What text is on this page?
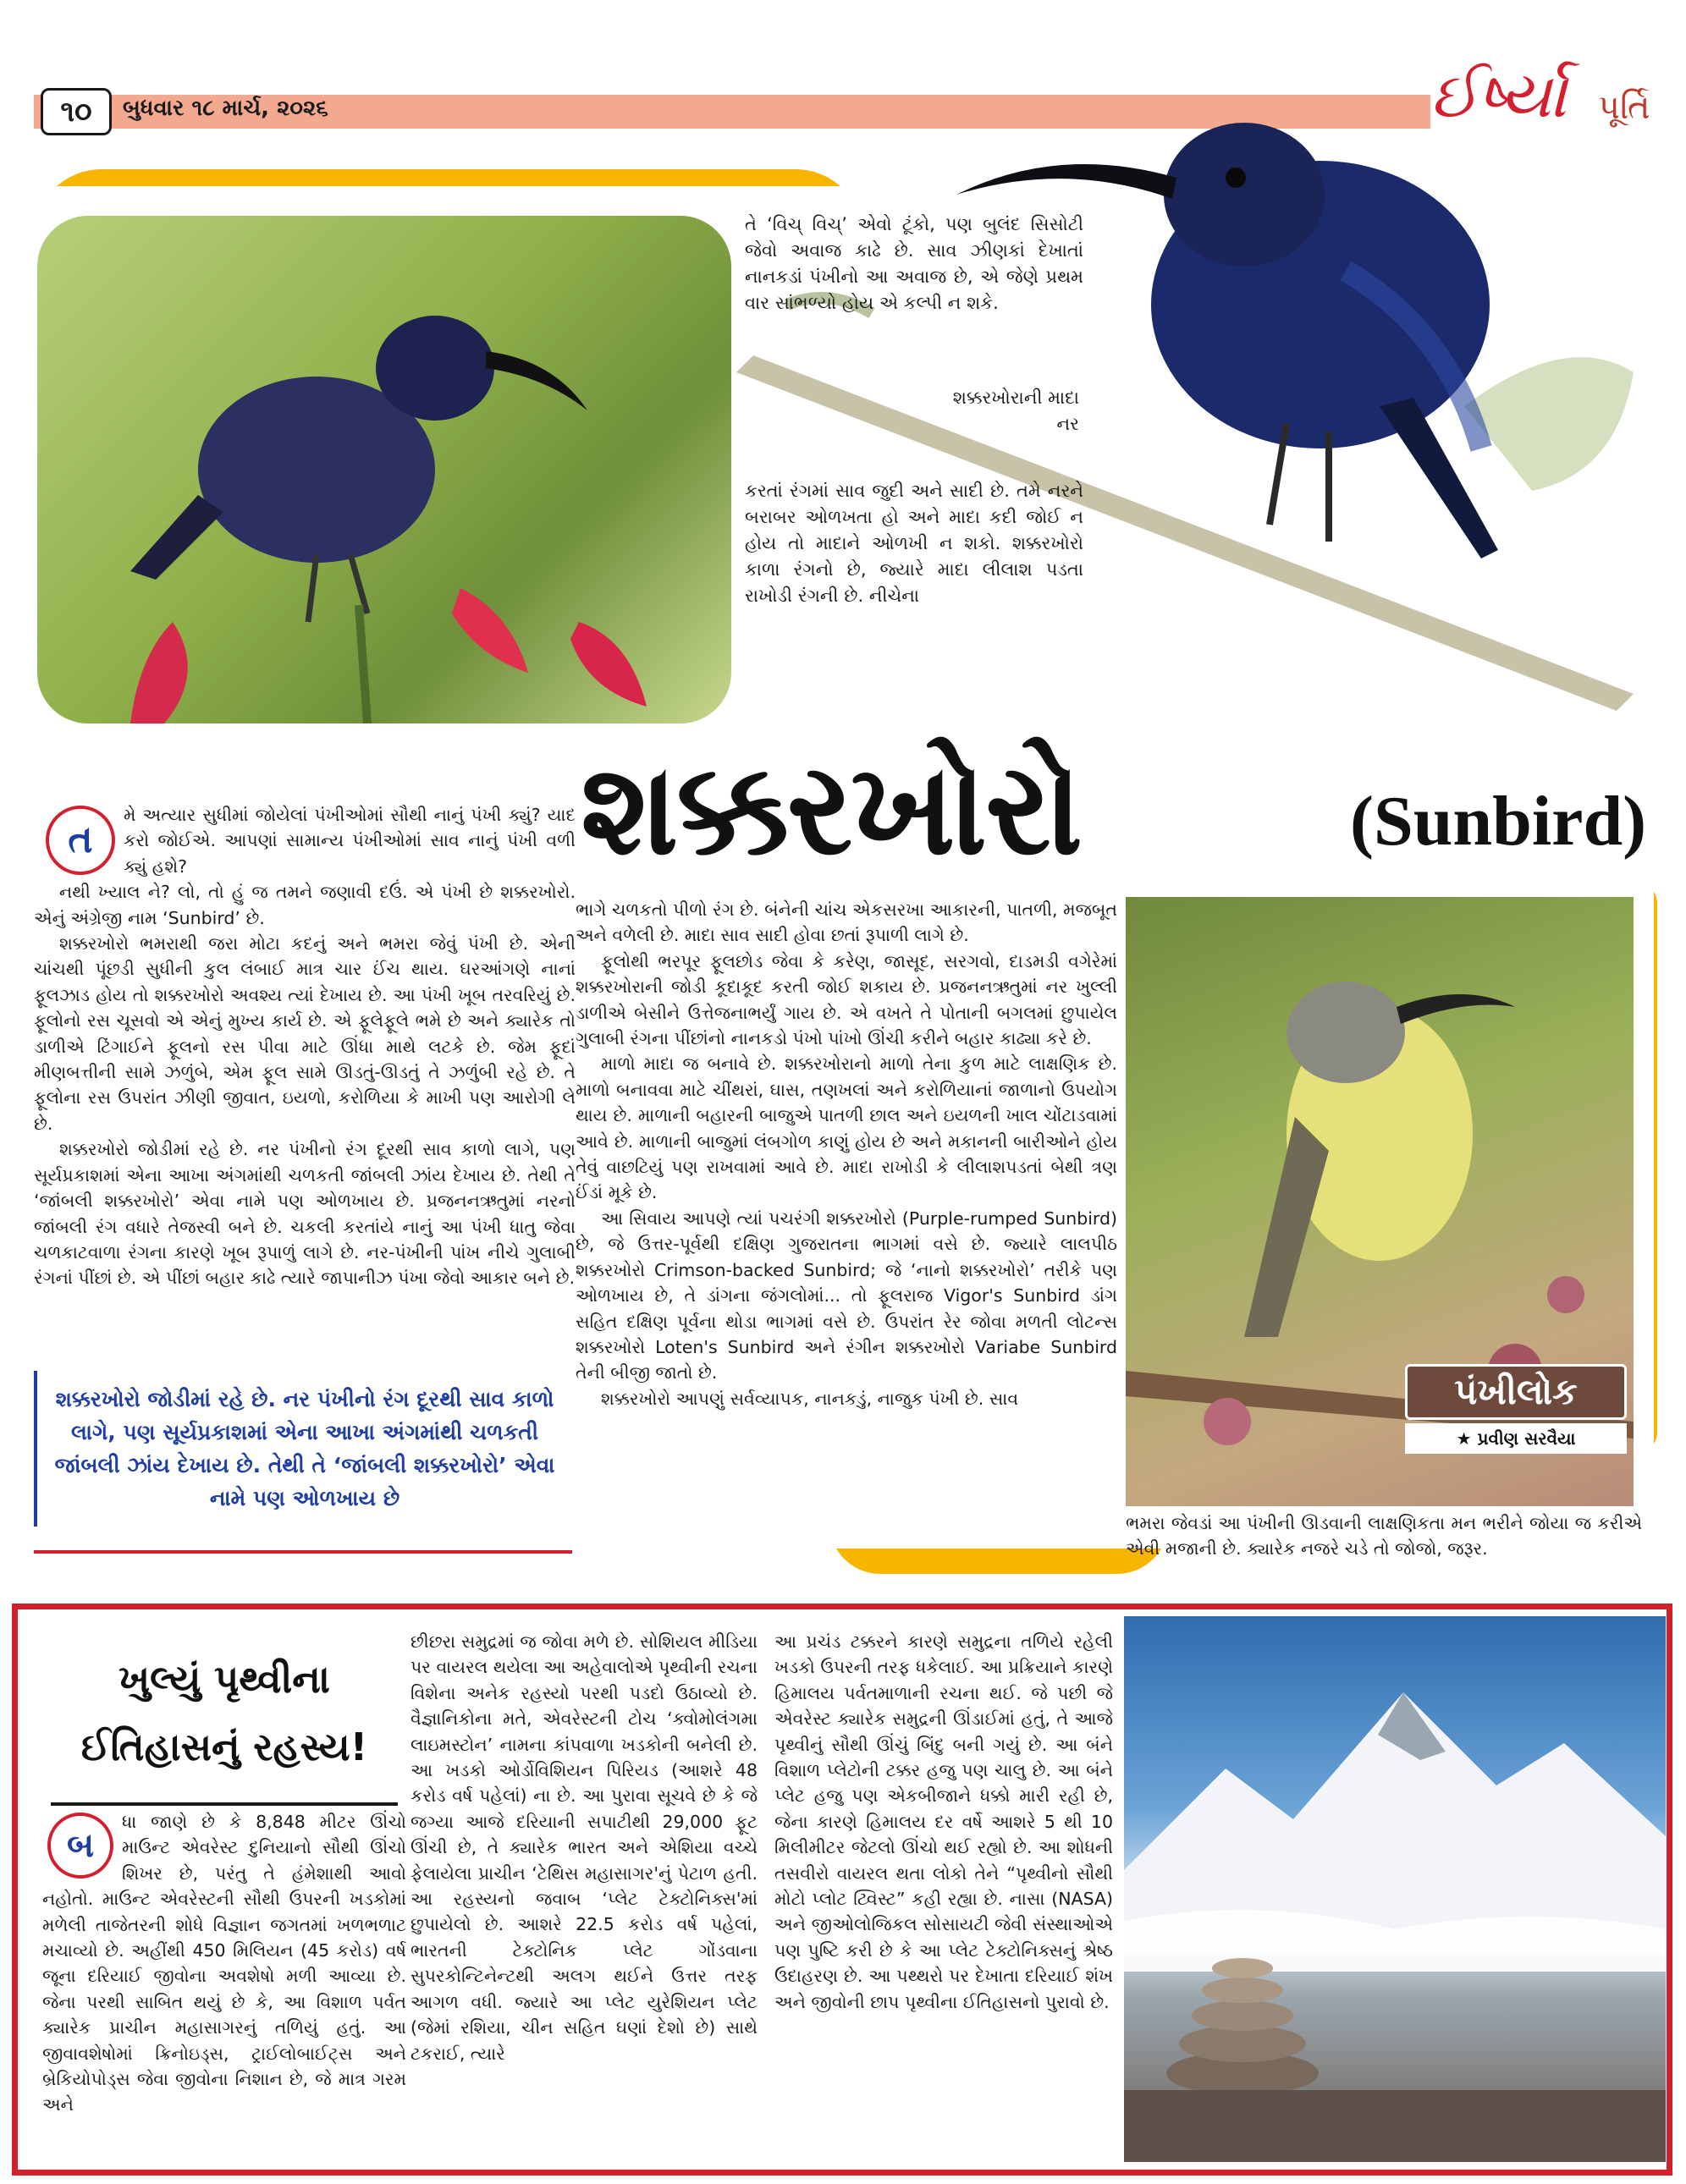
૧૦	બુધવાર ૧૮ માર્ચ, ૨૦૨૬	ઈર્ષ્યા પૂર્તિ
તે ‘વિચ્ વિચ્’ એવો ટૂંકો, પણ બુલંદ સિસોટી જેવો અવાજ કાઢે છે. સાવ ઝીણકાં દેખાતાં નાનકડાં પંખીનો આ અવાજ છે, એ જેણે પ્રથમ વાર સાંભળ્યો હોય એ કલ્પી ન શકે.
શક્કરખોરાની માદા નર
કરતાં રંગમાં સાવ જુદી અને સાદી છે. તમે નરને બરાબર ઓળખતા હો અને માદા કદી જોઈ ન હોય તો માદાને ઓળખી ન શકો. શક્કરખોરો કાળા રંગનો છે, જ્યારે માદા લીલાશ પડતા રાખોડી રંગની છે. નીચેના
શક્કરખોરો	(Sunbird)
ત

મે અત્યાર સુધીમાં જોયેલાં પંખીઓમાં સૌથી નાનું પંખી ક્યું? યાદ કરો જોઈએ. આપણાં સામાન્ય પંખીઓમાં સાવ નાનું પંખી વળી ક્યું હશે?

નથી ખ્યાલ ને? લો, તો હું જ તમને જણાવી દઉં. એ પંખી છે શક્કરખોરો. એનું અંગ્રેજી નામ ‘Sunbird’ છે.

શક્કરખોરો ભમરાથી જરા મોટા કદનું અને ભમરા જેવું પંખી છે. એની ચાંચથી પૂંછડી સુધીની કુલ લંબાઈ માત્ર ચાર ઈંચ થાય. ઘરઆંગણે નાનાં ફૂલઝાડ હોય તો શક્કરખોરો અવશ્ય ત્યાં દેખાય છે. આ પંખી ખૂબ તરવરિયું છે. ફૂલોનો રસ ચૂસવો એ એનું મુખ્ય કાર્ય છે. એ ફૂલેફૂલે ભમે છે અને ક્યારેક તો ડાળીએ ટિંગાઈને ફૂલનો રસ પીવા માટે ઊંધા માથે લટકે છે. જેમ ફૂદાં મીણબત્તીની સામે ઝળુંબે, એમ ફૂલ સામે ઊડતું-ઊડતું તે ઝળુંબી રહે છે. તે ફૂલોના રસ ઉપરાંત ઝીણી જીવાત, ઇયળો, કરોળિયા કે માખી પણ આરોગી લે છે.

શક્કરખોરો જોડીમાં રહે છે. નર પંખીનો રંગ દૂરથી સાવ કાળો લાગે, પણ સૂર્યપ્રકાશમાં એના આખા અંગમાંથી ચળકતી જાંબલી ઝાંય દેખાય છે. તેથી તે ‘જાંબલી શક્કરખોરો’ એવા નામે પણ ઓળખાય છે. પ્રજનનઋતુમાં નરનો જાંબલી રંગ વધારે તેજસ્વી બને છે. ચકલી કરતાંયે નાનું આ પંખી ધાતુ જેવા ચળકાટવાળા રંગના કારણે ખૂબ રૂપાળું લાગે છે. નર-પંખીની પાંખ નીચે ગુલાબી રંગનાં પીંછાં છે. એ પીંછાં બહાર કાઢે ત્યારે જાપાનીઝ પંખા જેવો આકાર બને છે.

શક્કરખોરો જોડીમાં રહે છે. નર પંખીનો રંગ દૂરથી સાવ કાળો લાગે, પણ સૂર્યપ્રકાશમાં એના આખા અંગમાંથી ચળકતી જાંબલી ઝાંય દેખાય છે. તેથી તે ‘જાંબલી શક્કરખોરો’ એવા નામે પણ ઓળખાય છે

ભાગે ચળકતો પીળો રંગ છે. બંનેની ચાંચ એકસરખા આકારની, પાતળી, મજબૂત અને વળેલી છે. માદા સાવ સાદી હોવા છતાં રૂપાળી લાગે છે.

ફૂલોથી ભરપૂર ફૂલછોડ જેવા કે કરેણ, જાસૂદ, સરગવો, દાડમડી વગેરેમાં શક્કરખોરાની જોડી કૂદાકૂદ કરતી જોઈ શકાય છે. પ્રજનનઋતુમાં નર ખુલ્લી ડાળીએ બેસીને ઉત્તેજનાભર્યું ગાય છે. એ વખતે તે પોતાની બગલમાં છુપાયેલ ગુલાબી રંગના પીંછાંનો નાનકડો પંખો પાંખો ઊંચી કરીને બહાર કાઢ્યા કરે છે.

માળો માદા જ બનાવે છે. શક્કરખોરાનો માળો તેના કુળ માટે લાક્ષણિક છે. માળો બનાવવા માટે ચીંથરાં, ઘાસ, તણખલાં અને કરોળિયાનાં જાળાનો ઉપયોગ થાય છે. માળાની બહારની બાજુએ પાતળી છાલ અને ઇયળની ખાલ ચોંટાડવામાં આવે છે. માળાની બાજુમાં લંબગોળ કાણું હોય છે અને મકાનની બારીઓને હોય તેવું વાછટિયું પણ રાખવામાં આવે છે. માદા રાખોડી કે લીલાશપડતાં બેથી ત્રણ ઈંડાં મૂકે છે.

આ સિવાય આપણે ત્યાં પચરંગી શક્કરખોરો (Purple-rumped Sunbird) છે, જે ઉત્તર-પૂર્વથી દક્ષિણ ગુજરાતના ભાગમાં વસે છે. જ્યારે લાલપીઠ શક્કરખોરો Crimson-backed Sunbird; જે ‘નાનો શક્કરખોરો’ તરીકે પણ ઓળખાય છે, તે ડાંગના જંગલોમાં... તો ફૂલરાજ Vigor's Sunbird ડાંગ સહિત દક્ષિણ પૂર્વના થોડા ભાગમાં વસે છે. ઉપરાંત રેર જોવા મળતી લોટન્સ શક્કરખોરો Loten's Sunbird અને રંગીન શક્કરખોરો Variabe Sunbird તેની બીજી જાતો છે.

શક્કરખોરો આપણું સર્વવ્યાપક, નાનકડું, નાજુક પંખી છે. સાવ	પંખીલોક
★ પ્રવીણ સરવૈયા
ભમરા જેવડાં આ પંખીની ઊડવાની લાક્ષણિકતા મન ભરીને જોયા જ કરીએ એવી મજાની છે. ક્યારેક નજરે ચડે તો જોજો, જરૂર.
ખુલ્યું પૃથ્વીના ઈતિહાસનું રહસ્ય!
બ

ધા જાણે છે કે 8,848 મીટર ઊંચો માઉન્ટ એવરેસ્ટ દુનિયાનો સૌથી ઊંચો શિખર છે, પરંતુ તે હંમેશાથી આવો નહોતો. માઉન્ટ એવરેસ્ટની સૌથી ઉપરની ખડકોમાં મળેલી તાજેતરની શોધે વિજ્ઞાન જગતમાં ખળભળાટ મચાવ્યો છે. અહીંથી 450 મિલિયન (45 કરોડ) વર્ષ જૂના દરિયાઈ જીવોના અવશેષો મળી આવ્યા છે. જેના પરથી સાબિત થયું છે કે, આ વિશાળ પર્વત ક્યારેક પ્રાચીન મહાસાગરનું તળિયું હતું. આ જીવાવશેષોમાં ક્રિનોઇડ્સ, ટ્રાઈલોબાઈટ્સ અને બ્રેકિયોપોડ્સ જેવા જીવોના નિશાન છે, જે માત્ર ગરમ અને

છીછરા સમુદ્રમાં જ જોવા મળે છે. સોશિયલ મીડિયા પર વાયરલ થયેલા આ અહેવાલોએ પૃથ્વીની રચના વિશેના અનેક રહસ્યો પરથી પડદો ઉઠાવ્યો છે. વૈજ્ઞાનિકોના મતે, એવરેસ્ટની ટોચ ‘ક્વોમોલંગમા લાઇમસ્ટોન’ નામના કાંપવાળા ખડકોની બનેલી છે. આ ખડકો ઓર્ડોવિશિયન પિરિયડ (આશરે 48 કરોડ વર્ષ પહેલાં) ના છે. આ પુરાવા સૂચવે છે કે જે જગ્યા આજે દરિયાની સપાટીથી 29,000 ફૂટ ઊંચી છે, તે ક્યારેક ભારત અને એશિયા વચ્ચે ફેલાયેલા પ્રાચીન ‘ટેથિસ મહાસાગર'નું પેટાળ હતી. આ રહસ્યનો જવાબ ‘પ્લેટ ટેક્ટોનિક્સ'માં છુપાયેલો છે. આશરે 22.5 કરોડ વર્ષ પહેલાં, ભારતની ટેક્ટોનિક પ્લેટ ગોંડવાના સુપરકોન્ટિનેન્ટથી અલગ થઈને ઉત્તર તરફ આગળ વધી. જ્યારે આ પ્લેટ યુરેશિયન પ્લેટ (જેમાં રશિયા, ચીન સહિત ઘણાં દેશો છે) સાથે ટકરાઈ, ત્યારે

આ પ્રચંડ ટક્કરને કારણે સમુદ્રના તળિયે રહેલી ખડકો ઉપરની તરફ ધકેલાઈ. આ પ્રક્રિયાને કારણે હિમાલય પર્વતમાળાની રચના થઈ. જે પછી જે એવરેસ્ટ ક્યારેક સમુદ્રની ઊંડાઈમાં હતું, તે આજે પૃથ્વીનું સૌથી ઊંચું બિંદુ બની ગયું છે. આ બંને વિશાળ પ્લેટોની ટક્કર હજુ પણ ચાલુ છે. આ બંને પ્લેટ હજુ પણ એકબીજાને ધક્કો મારી રહી છે, જેના કારણે હિમાલય દર વર્ષે આશરે 5 થી 10 મિલીમીટર જેટલો ઊંચો થઈ રહ્યો છે. આ શોધની તસવીરો વાયરલ થતા લોકો તેને “પૃથ્વીનો સૌથી મોટો પ્લોટ ટ્વિસ્ટ” કહી રહ્યા છે. નાસા (NASA) અને જીઓલોજિકલ સોસાયટી જેવી સંસ્થાઓએ પણ પુષ્ટિ કરી છે કે આ પ્લેટ ટેક્ટોનિક્સનું શ્રેષ્ઠ ઉદાહરણ છે. આ પથ્થરો પર દેખાતા દરિયાઈ શંખ અને જીવોની છાપ પૃથ્વીના ઈતિહાસનો પુરાવો છે.
